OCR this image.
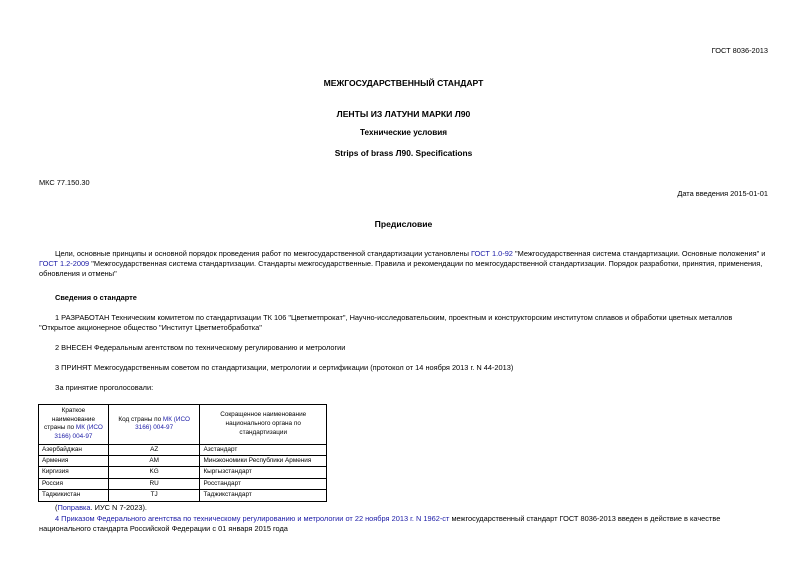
ГОСТ 8036-2013
МЕЖГОСУДАРСТВЕННЫЙ СТАНДАРТ
ЛЕНТЫ ИЗ ЛАТУНИ МАРКИ Л90
Технические условия
Strips of brass Л90. Specifications
МКС 77.150.30
Дата введения 2015-01-01
Предисловие
Цели, основные принципы и основной порядок проведения работ по межгосударственной стандартизации установлены ГОСТ 1.0-92 "Межгосударственная система стандартизации. Основные положения" и ГОСТ 1.2-2009 "Межгосударственная система стандартизации. Стандарты межгосударственные. Правила и рекомендации по межгосударственной стандартизации. Порядок разработки, принятия, применения, обновления и отмены"
Сведения о стандарте
1 РАЗРАБОТАН Техническим комитетом по стандартизации ТК 106 "Цветметпрокат", Научно-исследовательским, проектным и конструкторским институтом сплавов и обработки цветных металлов "Открытое акционерное общество "Институт Цветметобработка"
2 ВНЕСЕН Федеральным агентством по техническому регулированию и метрологии
3 ПРИНЯТ Межгосударственным советом по стандартизации, метрологии и сертификации (протокол от 14 ноября 2013 г. N 44-2013)
За принятие проголосовали:
Краткое наименование страны по МК (ИСО 3166) 004-97	Код страны по МК (ИСО 3166) 004-97	Сокращенное наименование национального органа по стандартизации
Азербайджан	AZ	Азстандарт
Армения	AM	Минэкономики Республики Армения
Киргизия	KG	Кыргызстандарт
Россия	RU	Росстандарт
Таджикистан	TJ	Таджикстандарт
(Поправка. ИУС N 7-2023).
4 Приказом Федерального агентства по техническому регулированию и метрологии от 22 ноября 2013 г. N 1962-ст межгосударственный стандарт ГОСТ 8036-2013 введен в действие в качестве национального стандарта Российской Федерации с 01 января 2015 года
